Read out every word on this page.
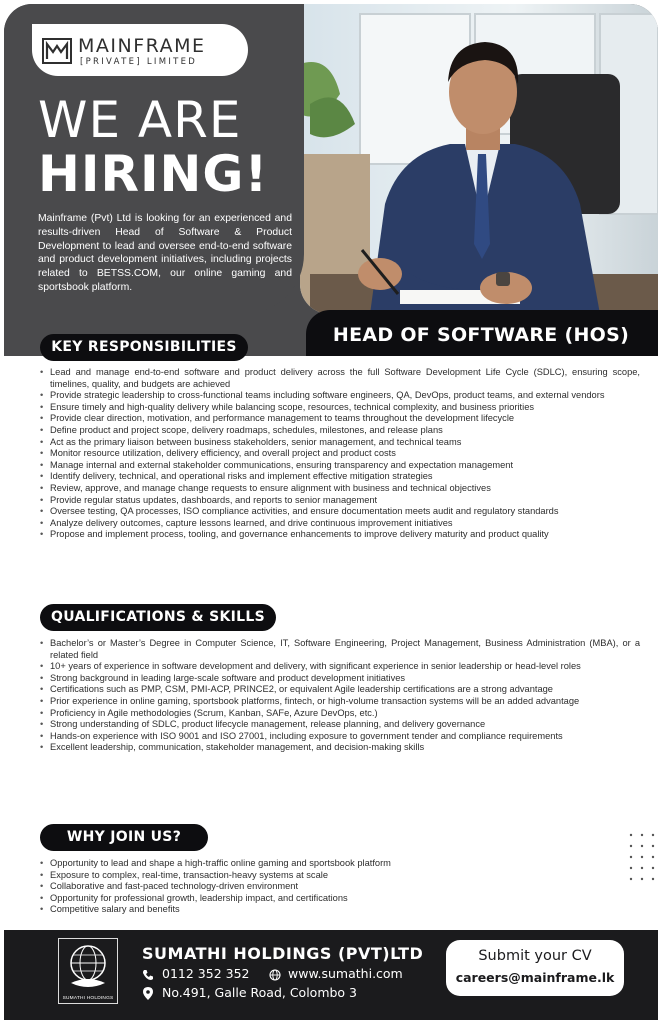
MAINFRAME
[PRIVATE] LIMITED
WE ARE
HIRING!
Mainframe (Pvt) Ltd is looking for an experienced and results-driven Head of Software & Product Development to lead and oversee end-to-end software and product development initiatives, including projects related to BETSS.COM, our online gaming and sportsbook platform.
HEAD OF SOFTWARE (HOS)
KEY RESPONSIBILITIES
• Lead and manage end-to-end software and product delivery across the full Software Development Life Cycle (SDLC), ensuring scope, timelines, quality, and budgets are achieved
• Provide strategic leadership to cross-functional teams including software engineers, QA, DevOps, product teams, and external vendors
• Ensure timely and high-quality delivery while balancing scope, resources, technical complexity, and business priorities
• Provide clear direction, motivation, and performance management to teams throughout the development lifecycle
• Define product and project scope, delivery roadmaps, schedules, milestones, and release plans
• Act as the primary liaison between business stakeholders, senior management, and technical teams
• Monitor resource utilization, delivery efficiency, and overall project and product costs
• Manage internal and external stakeholder communications, ensuring transparency and expectation management
• Identify delivery, technical, and operational risks and implement effective mitigation strategies
• Review, approve, and manage change requests to ensure alignment with business and technical objectives
• Provide regular status updates, dashboards, and reports to senior management
• Oversee testing, QA processes, ISO compliance activities, and ensure documentation meets audit and regulatory standards
• Analyze delivery outcomes, capture lessons learned, and drive continuous improvement initiatives
• Propose and implement process, tooling, and governance enhancements to improve delivery maturity and product quality
QUALIFICATIONS & SKILLS
• Bachelor’s or Master’s Degree in Computer Science, IT, Software Engineering, Project Management, Business Administration (MBA), or a related field
• 10+ years of experience in software development and delivery, with significant experience in senior leadership or head-level roles
• Strong background in leading large-scale software and product development initiatives
• Certifications such as PMP, CSM, PMI-ACP, PRINCE2, or equivalent Agile leadership certifications are a strong advantage
• Prior experience in online gaming, sportsbook platforms, fintech, or high-volume transaction systems will be an added advantage
• Proficiency in Agile methodologies (Scrum, Kanban, SAFe, Azure DevOps, etc.)
• Strong understanding of SDLC, product lifecycle management, release planning, and delivery governance
• Hands-on experience with ISO 9001 and ISO 27001, including exposure to government tender and compliance requirements
• Excellent leadership, communication, stakeholder management, and decision-making skills
WHY JOIN US?
• Opportunity to lead and shape a high-traffic online gaming and sportsbook platform
• Exposure to complex, real-time, transaction-heavy systems at scale
• Collaborative and fast-paced technology-driven environment
• Opportunity for professional growth, leadership impact, and certifications
• Competitive salary and benefits
SUMATHI HOLDINGS
SUMATHI HOLDINGS (PVT)LTD
0112 352 352	www.sumathi.com
No.491, Galle Road, Colombo 3
Submit your CV
careers@mainframe.lk
